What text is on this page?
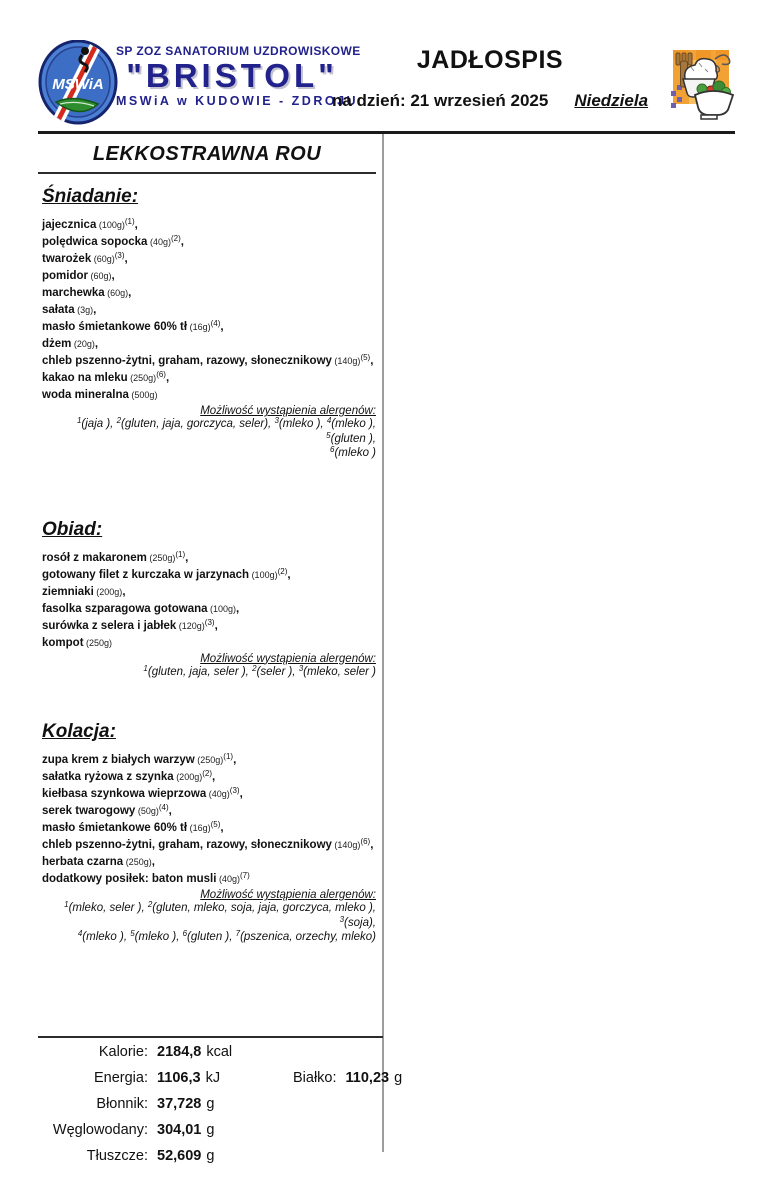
MSWiA
SP ZOZ SANATORIUM UZDROWISKOWE
"BRISTOL"
MSWiA w KUDOWIE - ZDROJU
JADŁOSPIS
na dzień: 21 wrzesień 2025 Niedziela
LEKKOSTRAWNA ROU
Śniadanie:
jajecznica $(100g)^{(1)}$,
polędwica sopocka $(40g)^{(2)}$,
twarożek $(60g)^{(3)}$,
pomidor (60g),
marchewka (60g),
sałata (3g),
masło śmietankowe 60% tł $(16g)^{(4)}$,
dżem (20g),
chleb pszenno-żytni, graham, razowy, słonecznikowy $(140g)^{(5)}$,
kakao na mleku $(250g)^{(6)}$,
woda mineralna (500g)
Możliwość wystąpienia alergenów:
$^1$(jaja ), $^2$(gluten, jaja, gorczyca, seler), $^3$(mleko ), $^4$(mleko ), $^5$(gluten ),
$^6$(mleko )
Obiad:
rosół z makaronem $(250g)^{(1)}$,
gotowany filet z kurczaka w jarzynach $(100g)^{(2)}$,
ziemniaki (200g),
fasolka szparagowa gotowana (100g),
surówka z selera i jabłek $(120g)^{(3)}$,
kompot (250g)
Możliwość wystąpienia alergenów:
$^1$(gluten, jaja, seler ), $^2$(seler ), $^3$(mleko, seler )
Kolacja:
zupa krem z białych warzyw $(250g)^{(1)}$,
sałatka ryżowa z szynka $(200g)^{(2)}$,
kiełbasa szynkowa wieprzowa $(40g)^{(3)}$,
serek twarogowy $(50g)^{(4)}$,
masło śmietankowe 60% tł $(16g)^{(5)}$,
chleb pszenno-żytni, graham, razowy, słonecznikowy $(140g)^{(6)}$,
herbata czarna (250g),
dodatkowy posiłek: baton musli $(40g)^{(7)}$
Możliwość wystąpienia alergenów:
$^1$(mleko, seler ), $^2$(gluten, mleko, soja, jaja, gorczyca, mleko ), $^3$(soja),
$^4$(mleko ), $^5$(mleko ), $^6$(gluten ), $^7$(pszenica, orzechy, mleko)
Kalorie: 2184,8 kcal
Energia: 1106,3 kJ	Białko: 110,23 g
Błonnik: 37,728 g
Węglowodany: 304,01 g
Tłuszcze: 52,609 g
